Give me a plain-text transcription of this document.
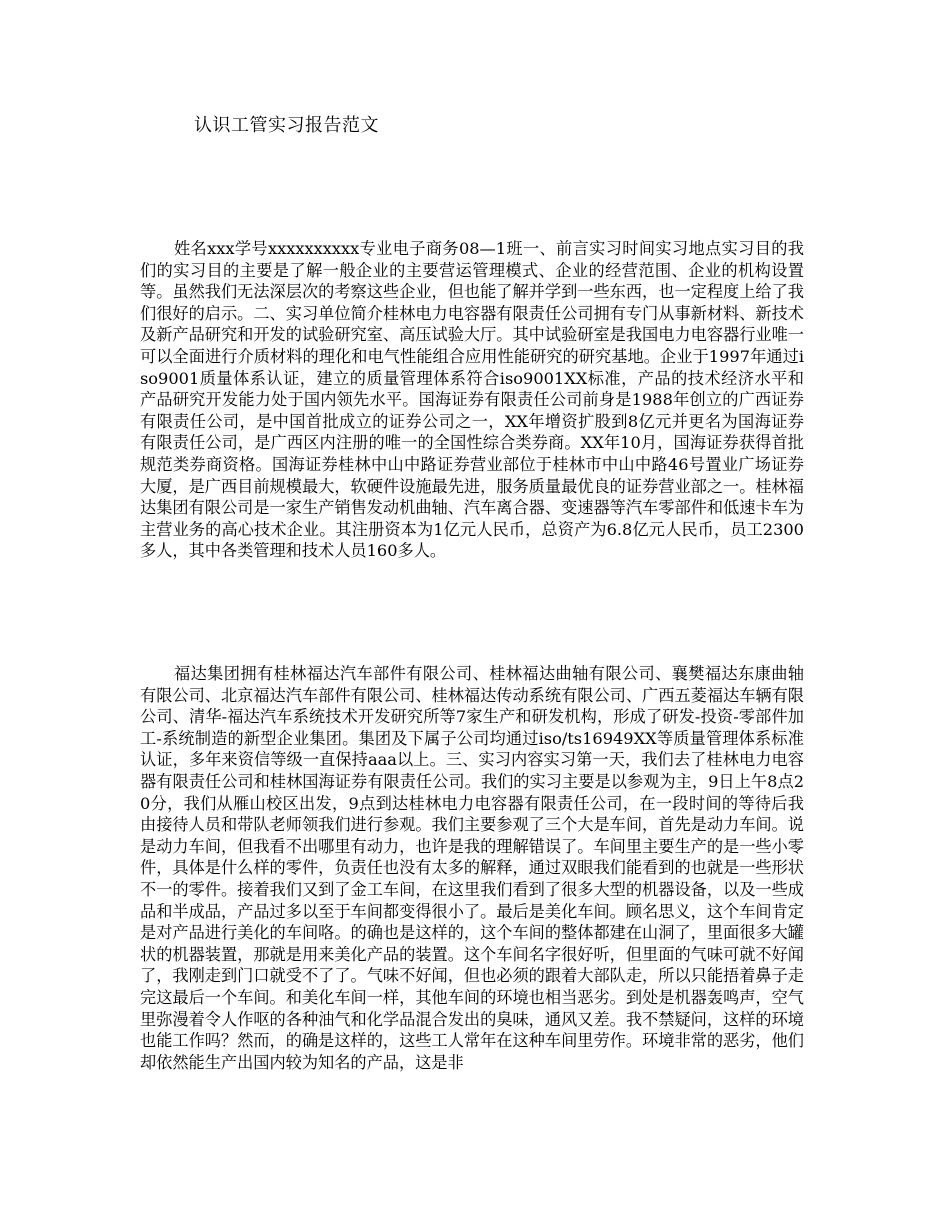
认识工管实习报告范文

姓名xxx学号xxxxxxxxxx专业电子商务08—1班一、前言实习时间实习地点实习目的我们的实习目的主要是了解一般企业的主要营运管理模式、企业的经营范围、企业的机构设置等。虽然我们无法深层次的考察这些企业，但也能了解并学到一些东西，也一定程度上给了我们很好的启示。二、实习单位简介桂林电力电容器有限责任公司拥有专门从事新材料、新技术及新产品研究和开发的试验研究室、高压试验大厅。其中试验研室是我国电力电容器行业唯一可以全面进行介质材料的理化和电气性能组合应用性能研究的研究基地。企业于1997年通过iso9001质量体系认证，建立的质量管理体系符合iso9001XX标准，产品的技术经济水平和产品研究开发能力处于国内领先水平。国海证券有限责任公司前身是1988年创立的广西证券有限责任公司，是中国首批成立的证券公司之一，XX年增资扩股到8亿元并更名为国海证券有限责任公司，是广西区内注册的唯一的全国性综合类券商。XX年10月，国海证券获得首批规范类券商资格。国海证券桂林中山中路证券营业部位于桂林市中山中路46号置业广场证券大厦，是广西目前规模最大，软硬件设施最先进，服务质量最优良的证券营业部之一。桂林福达集团有限公司是一家生产销售发动机曲轴、汽车离合器、变速器等汽车零部件和低速卡车为主营业务的高心技术企业。其注册资本为1亿元人民币，总资产为6.8亿元人民币，员工2300多人，其中各类管理和技术人员160多人。

福达集团拥有桂林福达汽车部件有限公司、桂林福达曲轴有限公司、襄樊福达东康曲轴有限公司、北京福达汽车部件有限公司、桂林福达传动系统有限公司、广西五菱福达车辆有限公司、清华-福达汽车系统技术开发研究所等7家生产和研发机构，形成了研发-投资-零部件加工-系统制造的新型企业集团。集团及下属子公司均通过iso/ts16949XX等质量管理体系标准认证，多年来资信等级一直保持aaa以上。三、实习内容实习第一天，我们去了桂林电力电容器有限责任公司和桂林国海证券有限责任公司。我们的实习主要是以参观为主，9日上午8点20分，我们从雁山校区出发，9点到达桂林电力电容器有限责任公司，在一段时间的等待后我由接待人员和带队老师领我们进行参观。我们主要参观了三个大是车间，首先是动力车间。说是动力车间，但我看不出哪里有动力，也许是我的理解错误了。车间里主要生产的是一些小零件，具体是什么样的零件，负责任也没有太多的解释，通过双眼我们能看到的也就是一些形状不一的零件。接着我们又到了金工车间，在这里我们看到了很多大型的机器设备，以及一些成品和半成品，产品过多以至于车间都变得很小了。最后是美化车间。顾名思义，这个车间肯定是对产品进行美化的车间咯。的确也是这样的，这个车间的整体都建在山洞了，里面很多大罐状的机器装置，那就是用来美化产品的装置。这个车间名字很好听，但里面的气味可就不好闻了，我刚走到门口就受不了了。气味不好闻，但也必须的跟着大部队走，所以只能捂着鼻子走完这最后一个车间。和美化车间一样，其他车间的环境也相当恶劣。到处是机器轰鸣声，空气里弥漫着令人作呕的各种油气和化学品混合发出的臭味，通风又差。我不禁疑问，这样的环境也能工作吗？然而，的确是这样的，这些工人常年在这种车间里劳作。环境非常的恶劣，他们却依然能生产出国内较为知名的产品，这是非
